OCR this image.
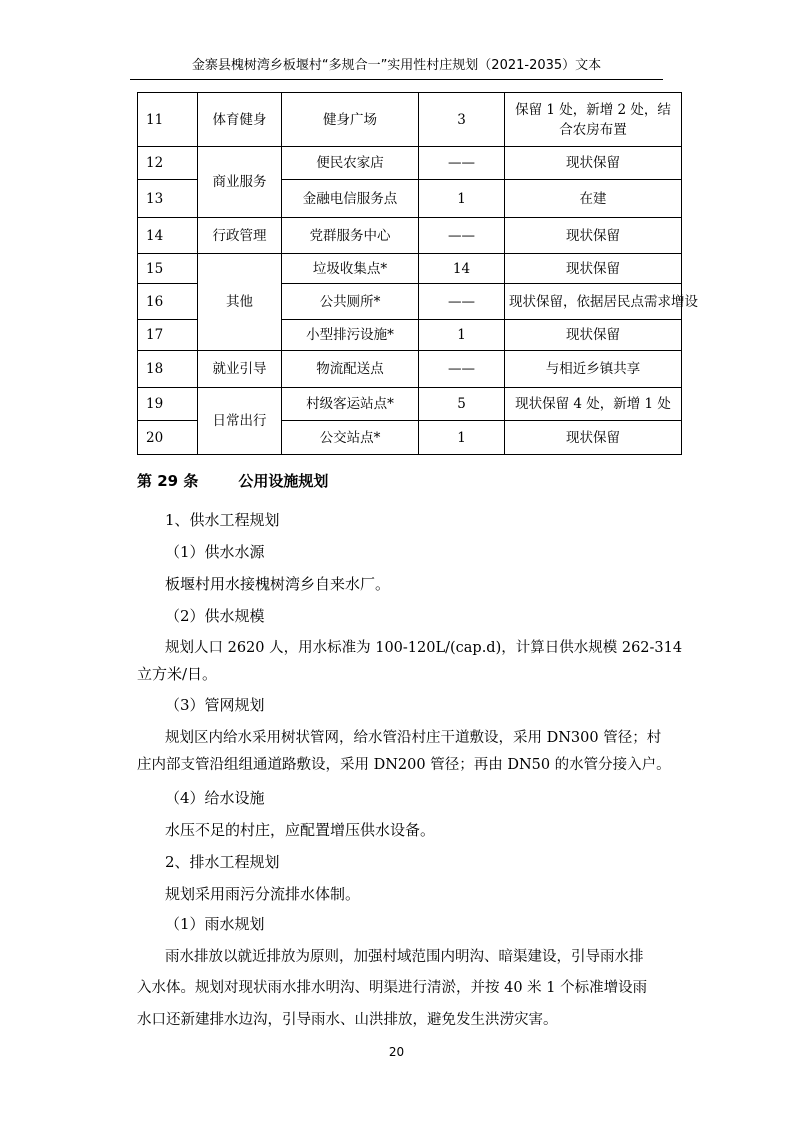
金寨县槐树湾乡板堰村“多规合一”实用性村庄规划（2021-2035）文本
11	体育健身	健身广场	3	保留 1 处，新增 2 处，结合农房布置
12	商业服务	便民农家店	——	现状保留
13		金融电信服务点	1	在建
14	行政管理	党群服务中心	——	现状保留
15	其他	垃圾收集点*	14	现状保留
16		公共厕所*	——	现状保留，依据居民点需求增设
17		小型排污设施*	1	现状保留
18	就业引导	物流配送点	——	与相近乡镇共享
19	日常出行	村级客运站点*	5	现状保留 4 处，新增 1 处
20		公交站点*	1	现状保留
第 29 条	公用设施规划
1、供水工程规划
（1）供水水源
板堰村用水接槐树湾乡自来水厂。
（2）供水规模
规划人口 2620 人，用水标准为 100-120L/(cap.d)，计算日供水规模 262-314
立方米/日。
（3）管网规划
规划区内给水采用树状管网，给水管沿村庄干道敷设，采用 DN300 管径；村
庄内部支管沿组组通道路敷设，采用 DN200 管径；再由 DN50 的水管分接入户。
（4）给水设施
水压不足的村庄，应配置增压供水设备。
2、排水工程规划
规划采用雨污分流排水体制。
（1）雨水规划
雨水排放以就近排放为原则，加强村域范围内明沟、暗渠建设，引导雨水排
入水体。规划对现状雨水排水明沟、明渠进行清淤，并按 40 米 1 个标准增设雨
水口还新建排水边沟，引导雨水、山洪排放，避免发生洪涝灾害。
20
